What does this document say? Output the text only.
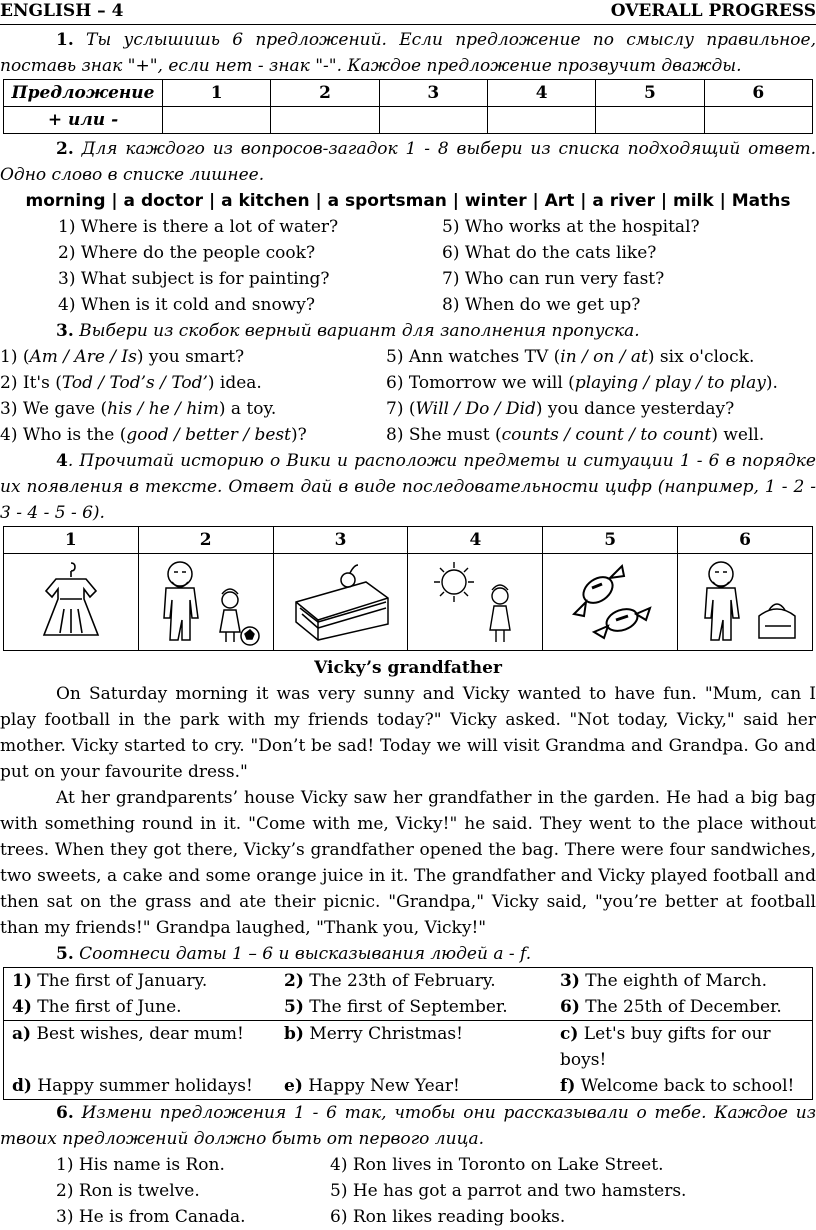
ENGLISH – 4	OVERALL PROGRESS

1. Ты услышишь 6 предложений. Если предложение по смыслу правильное, поставь знак "+", если нет - знак "-". Каждое предложение прозвучит дважды.

Предложение	1	2	3	4	5	6
+ или -						

2. Для каждого из вопросов-загадок 1 - 8 выбери из списка подходящий ответ. Одно слово в списке лишнее.

morning | a doctor | a kitchen | a sportsman | winter | Art | a river | milk | Maths
1) Where is there a lot of water?	5) Who works at the hospital?
2) Where do the people cook?	6) What do the cats like?
3) What subject is for painting?	7) Who can run very fast?
4) When is it cold and snowy?	8) When do we get up?

3. Выбери из скобок верный вариант для заполнения пропуска.

1) (Am / Are / Is) you smart?	5) Ann watches TV (in / on / at) six o'clock.
2) It's (Tod / Tod’s / Tod’) idea.	6) Tomorrow we will (playing / play / to play).
3) We gave (his / he / him) a toy.	7) (Will / Do / Did) you dance yesterday?
4) Who is the (good / better / best)?	8) She must (counts / count / to count) well.

4. Прочитай историю о Вики и расположи предметы и ситуации 1 - 6 в порядке их появления в тексте. Ответ дай в виде последовательности цифр (например, 1 - 2 - 3 - 4 - 5 - 6).

1	2	3	4	5	6

Vicky’s grandfather

On Saturday morning it was very sunny and Vicky wanted to have fun. "Mum, can I play football in the park with my friends today?" Vicky asked. "Not today, Vicky," said her mother. Vicky started to cry. "Don’t be sad! Today we will visit Grandma and Grandpa. Go and put on your favourite dress."

At her grandparents’ house Vicky saw her grandfather in the garden. He had a big bag with something round in it. "Come with me, Vicky!" he said. They went to the place without trees. When they got there, Vicky’s grandfather opened the bag. There were four sandwiches, two sweets, a cake and some orange juice in it. The grandfather and Vicky played football and then sat on the grass and ate their picnic. "Grandpa," Vicky said, "you’re better at football than my friends!" Grandpa laughed, "Thank you, Vicky!"

5. Соотнеси даты 1 – 6 и высказывания людей a - f.

1) The first of January.	2) The 23th of February.	3) The eighth of March.
4) The first of June.	5) The first of September.	6) The 25th of December.

a) Best wishes, dear mum!	b) Merry Christmas!	c) Let's buy gifts for our boys!
d) Happy summer holidays!	e) Happy New Year!	f) Welcome back to school!

6. Измени предложения 1 - 6 так, чтобы они рассказывали о тебе. Каждое из твоих предложений должно быть от первого лица.

1) His name is Ron.	4) Ron lives in Toronto on Lake Street.
2) Ron is twelve.	5) He has got a parrot and two hamsters.
3) He is from Canada.	6) Ron likes reading books.
